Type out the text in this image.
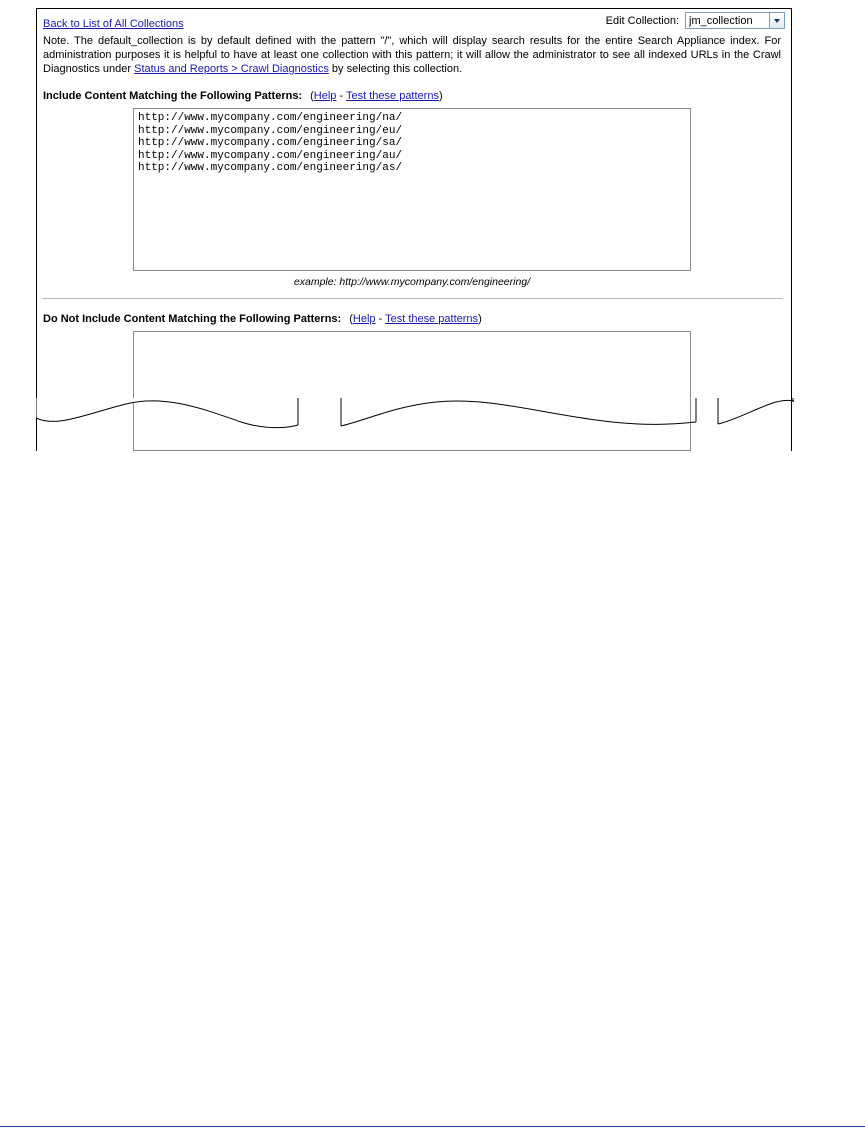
Back to List of All Collections	Edit Collection: jm_collection
Note. The default_collection is by default defined with the pattern "/", which will display search results for the entire Search Appliance index. For administration purposes it is helpful to have at least one collection with this pattern; it will allow the administrator to see all indexed URLs in the Crawl Diagnostics under Status and Reports > Crawl Diagnostics by selecting this collection.
Include Content Matching the Following Patterns: (Help - Test these patterns)
http://www.mycompany.com/engineering/na/ http://www.mycompany.com/engineering/eu/ http://www.mycompany.com/engineering/sa/ http://www.mycompany.com/engineering/au/ http://www.mycompany.com/engineering/as/
example: http://www.mycompany.com/engineering/
Do Not Include Content Matching the Following Patterns: (Help - Test these patterns)
